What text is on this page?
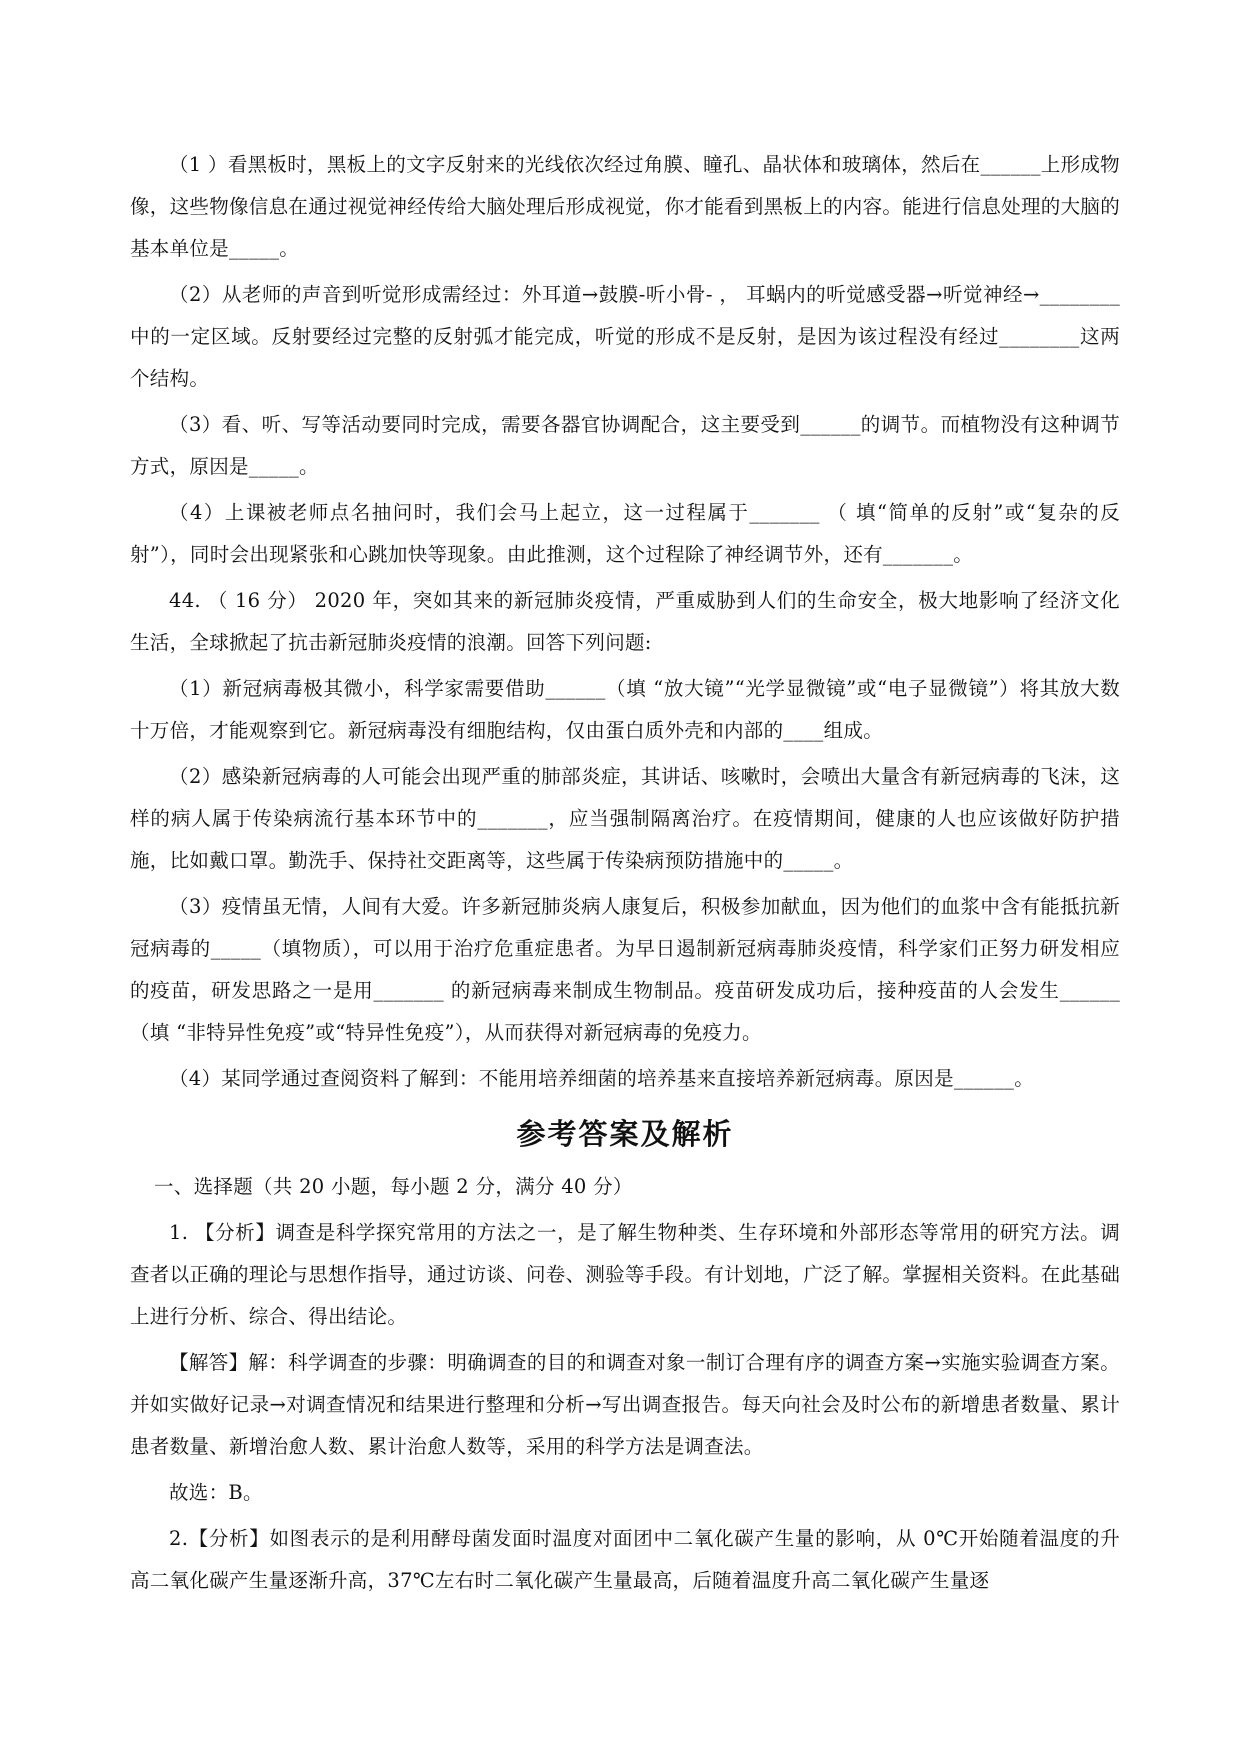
（1 ）看黑板时，黑板上的文字反射来的光线依次经过角膜、瞳孔、晶状体和玻璃体，然后在______上形成物像，这些物像信息在通过视觉神经传给大脑处理后形成视觉，你才能看到黑板上的内容。能进行信息处理的大脑的基本单位是_____。

（2）从老师的声音到听觉形成需经过：外耳道→鼓膜-听小骨- ， 耳蜗内的听觉感受器→听觉神经→________中的一定区域。反射要经过完整的反射弧才能完成，听觉的形成不是反射，是因为该过程没有经过________这两个结构。

（3）看、听、写等活动要同时完成，需要各器官协调配合，这主要受到______的调节。而植物没有这种调节方式，原因是_____。

（4）上课被老师点名抽问时，我们会马上起立，这一过程属于_______ （ 填“简单的反射”或“复杂的反射”），同时会出现紧张和心跳加快等现象。由此推测，这个过程除了神经调节外，还有_______。

44. （ 16 分） 2020 年，突如其来的新冠肺炎疫情，严重威胁到人们的生命安全，极大地影响了经济文化生活，全球掀起了抗击新冠肺炎疫情的浪潮。回答下列问题:

（1）新冠病毒极其微小，科学家需要借助______（填 “放大镜”“光学显微镜”或“电子显微镜”）将其放大数十万倍，才能观察到它。新冠病毒没有细胞结构，仅由蛋白质外壳和内部的____组成。

（2）感染新冠病毒的人可能会出现严重的肺部炎症，其讲话、咳嗽时，会喷出大量含有新冠病毒的飞沫，这样的病人属于传染病流行基本环节中的_______，应当强制隔离治疗。在疫情期间，健康的人也应该做好防护措施，比如戴口罩。勤洗手、保持社交距离等，这些属于传染病预防措施中的_____。

（3）疫情虽无情，人间有大爱。许多新冠肺炎病人康复后，积极参加献血，因为他们的血浆中含有能抵抗新冠病毒的_____（填物质），可以用于治疗危重症患者。为早日遏制新冠病毒肺炎疫情，科学家们正努力研发相应的疫苗，研发思路之一是用_______ 的新冠病毒来制成生物制品。疫苗研发成功后，接种疫苗的人会发生______（填 “非特异性免疫”或“特异性免疫”），从而获得对新冠病毒的免疫力。

（4）某同学通过查阅资料了解到：不能用培养细菌的培养基来直接培养新冠病毒。原因是______。

参考答案及解析

一、选择题（共 20 小题，每小题 2 分，满分 40 分）

1. 【分析】调查是科学探究常用的方法之一，是了解生物种类、生存环境和外部形态等常用的研究方法。调查者以正确的理论与思想作指导，通过访谈、问卷、测验等手段。有计划地，广泛了解。掌握相关资料。在此基础上进行分析、综合、得出结论。

【解答】解：科学调查的步骤：明确调查的目的和调查对象一制订合理有序的调查方案→实施实验调查方案。并如实做好记录→对调查情况和结果进行整理和分析→写出调查报告。每天向社会及时公布的新增患者数量、累计患者数量、新增治愈人数、累计治愈人数等，采用的科学方法是调查法。

故选：B。

2.【分析】如图表示的是利用酵母菌发面时温度对面团中二氧化碳产生量的影响，从 0℃开始随着温度的升高二氧化碳产生量逐渐升高，37℃左右时二氧化碳产生量最高，后随着温度升高二氧化碳产生量逐
